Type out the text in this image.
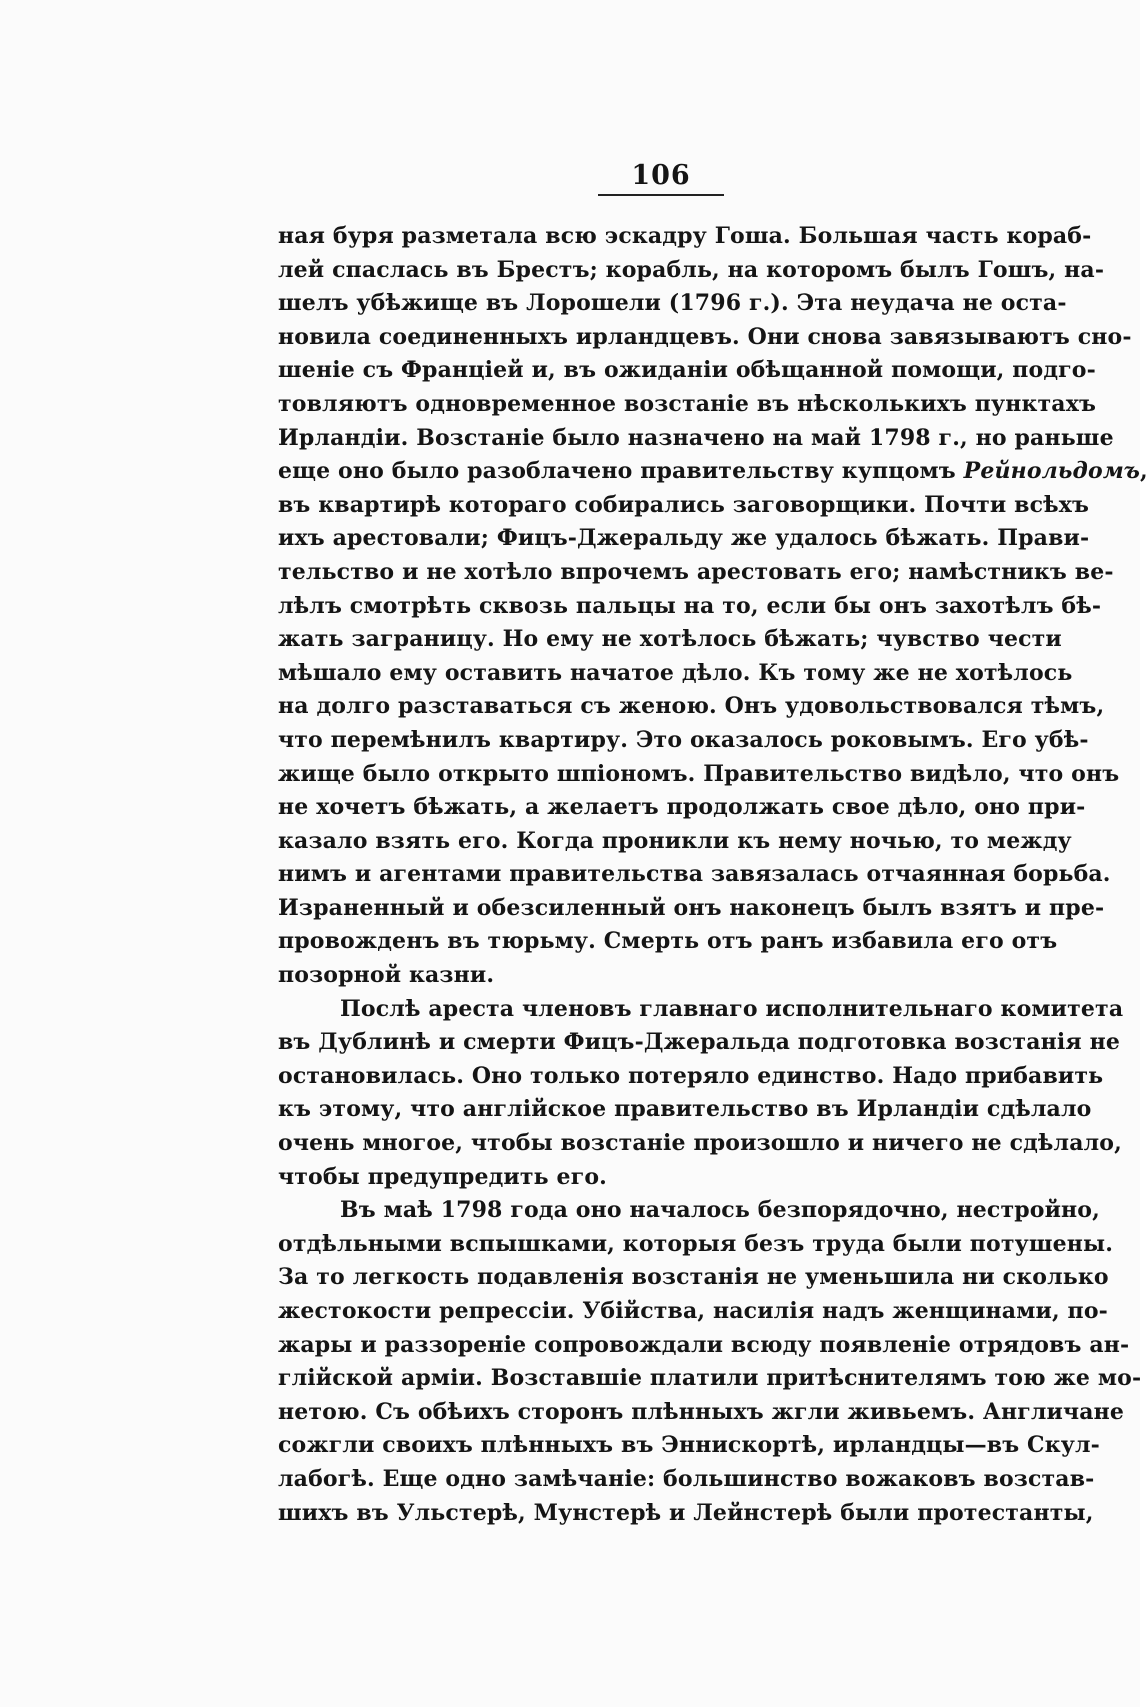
106
ная буря разметала всю эскадру Гоша. Большая часть кораб-
лей спаслась въ Брестъ; корабль, на которомъ былъ Гошъ, на-
шелъ убѣжище въ Лорошели (1796 г.). Эта неудача не оста-
новила соединенныхъ ирландцевъ. Они снова завязываютъ сно-
шеніе съ Франціей и, въ ожиданіи обѣщанной помощи, подго-
товляютъ одновременное возстаніе въ нѣсколькихъ пунктахъ
Ирландіи. Возстаніе было назначено на май 1798 г., но раньше
еще оно было разоблачено правительству купцомъ Рейнольдомъ,
въ квартирѣ котораго собирались заговорщики. Почти всѣхъ
ихъ арестовали; Фицъ-Джеральду же удалось бѣжать. Прави-
тельство и не хотѣло впрочемъ арестовать его; намѣстникъ ве-
лѣлъ смотрѣть сквозь пальцы на то, если бы онъ захотѣлъ бѣ-
жать заграницу. Но ему не хотѣлось бѣжать; чувство чести
мѣшало ему оставить начатое дѣло. Къ тому же не хотѣлось
на долго разставаться съ женою. Онъ удовольствовался тѣмъ,
что перемѣнилъ квартиру. Это оказалось роковымъ. Его убѣ-
жище было открыто шпіономъ. Правительство видѣло, что онъ
не хочетъ бѣжать, а желаетъ продолжать свое дѣло, оно при-
казало взять его. Когда проникли къ нему ночью, то между
нимъ и агентами правительства завязалась отчаянная борьба.
Израненный и обезсиленный онъ наконецъ былъ взятъ и пре-
провожденъ въ тюрьму. Смерть отъ ранъ избавила его отъ
позорной казни.
Послѣ ареста членовъ главнаго исполнительнаго комитета
въ Дублинѣ и смерти Фицъ-Джеральда подготовка возстанія не
остановилась. Оно только потеряло единство. Надо прибавить
къ этому, что англійское правительство въ Ирландіи сдѣлало
очень многое, чтобы возстаніе произошло и ничего не сдѣлало,
чтобы предупредить его.
Въ маѣ 1798 года оно началось безпорядочно, нестройно,
отдѣльными вспышками, которыя безъ труда были потушены.
За то легкость подавленія возстанія не уменьшила ни сколько
жестокости репрессіи. Убійства, насилія надъ женщинами, по-
жары и раззореніе сопровождали всюду появленіе отрядовъ ан-
глійской арміи. Возставшіе платили притѣснителямъ тою же мо-
нетою. Съ обѣихъ сторонъ плѣнныхъ жгли живьемъ. Англичане
сожгли своихъ плѣнныхъ въ Эннискортѣ, ирландцы—въ Скул-
лабогѣ. Еще одно замѣчаніе: большинство вожаковъ возстав-
шихъ въ Ульстерѣ, Мунстерѣ и Лейнстерѣ были протестанты,
